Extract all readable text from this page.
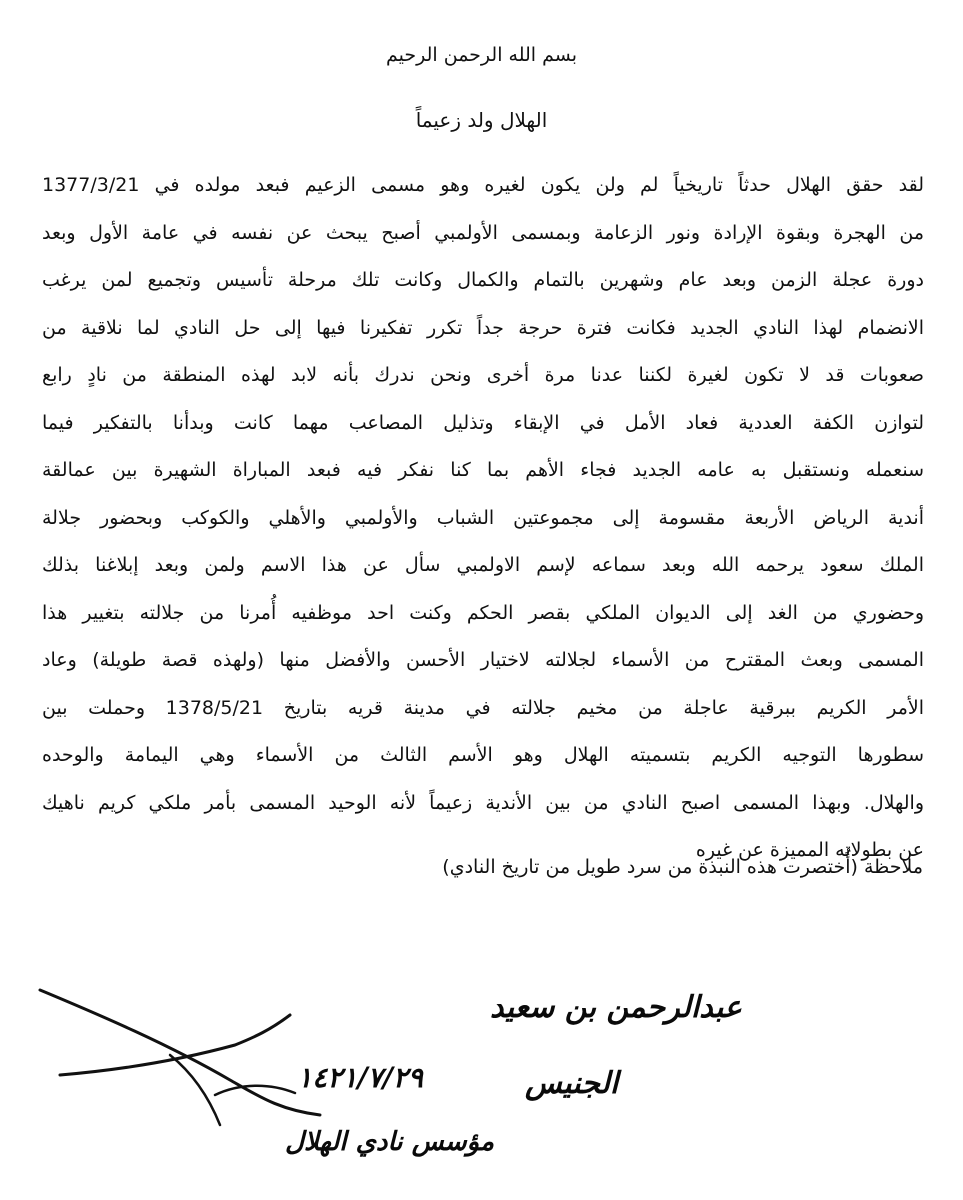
بسم الله الرحمن الرحيم
الهلال ولد زعيماً
لقد حقق الهلال حدثاً تاريخياً لم ولن يكون لغيره وهو مسمى الزعيم فبعد مولده في 1377/3/21
من الهجرة وبقوة الإرادة ونور الزعامة وبمسمى الأولمبي أصبح يبحث عن نفسه في عامة الأول وبعد
دورة عجلة الزمن وبعد عام وشهرين بالتمام والكمال وكانت تلك مرحلة تأسيس وتجميع لمن يرغب
الانضمام لهذا النادي الجديد فكانت فترة حرجة جداً تكرر تفكيرنا فيها إلى حل النادي لما نلاقية من
صعوبات قد لا تكون لغيرة لكننا عدنا مرة أخرى ونحن ندرك بأنه لابد لهذه المنطقة من نادٍ رابع
لتوازن الكفة العددية فعاد الأمل في الإبقاء وتذليل المصاعب مهما كانت وبدأنا بالتفكير فيما
سنعمله ونستقبل به عامه الجديد فجاء الأهم بما كنا نفكر فيه فبعد المباراة الشهيرة بين عمالقة
أندية الرياض الأربعة مقسومة إلى مجموعتين الشباب والأولمبي والأهلي والكوكب وبحضور جلالة
الملك سعود يرحمه الله وبعد سماعه لإسم الاولمبي سأل عن هذا الاسم ولمن وبعد إبلاغنا بذلك
وحضوري من الغد إلى الديوان الملكي بقصر الحكم وكنت احد موظفيه أُمرنا من جلالته بتغيير هذا
المسمى وبعث المقترح من الأسماء لجلالته لاختيار الأحسن والأفضل منها (ولهذه قصة طويلة) وعاد
الأمر الكريم ببرقية عاجلة من مخيم جلالته في مدينة قريه بتاريخ 1378/5/21 وحملت بين
سطورها التوجيه الكريم بتسميته الهلال وهو الأسم الثالث من الأسماء وهي اليمامة والوحده
والهلال. وبهذا المسمى اصبح النادي من بين الأندية زعيماً لأنه الوحيد المسمى بأمر ملكي كريم ناهيك
عن بطولاته المميزة عن غيره
ملاحظة (أُختصرت هذه النبذة من سرد طويل من تاريخ النادي)
عبدالرحمن بن سعيد
١٤٢١/٧/٢٩	الجنيس
مؤسس نادي الهلال
